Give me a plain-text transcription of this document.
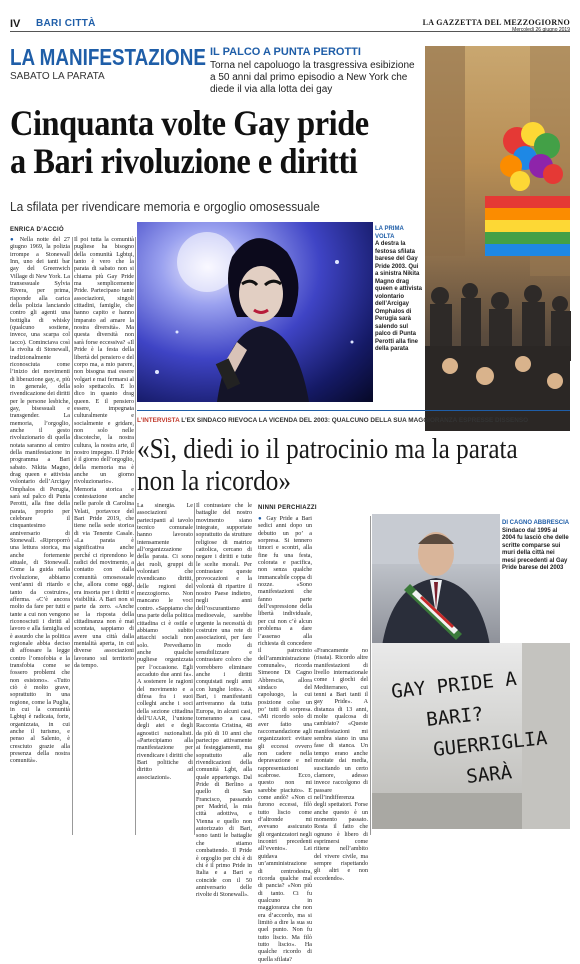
IV BARI CITTÀ	LA GAZZETTA DEL MEZZOGIORNO
Mercoledì 26 giugno 2019
LA MANIFESTAZIONE
SABATO LA PARATA
IL PALCO A PUNTA PEROTTI
Torna nel capoluogo la trasgressiva esibizione a 50 anni dal primo episodio a New York che diede il via alla lotta dei gay
Cinquanta volte Gay pride a Bari rivoluzione e diritti
La sfilata per rivendicare memoria e orgoglio omosessuale
LA PRIMA VOLTA
A destra la festosa sfilata barese del Gay Pride 2003. Qui a sinistra Nikita Magno drag queen e attivista volontario dell’Arcigay Omphalos di Perugia sarà salendo sul palco di Punta Perotti alla fine della parata
ENRICA D’ACCIÒ

● Nella notte del 27 giugno 1969, la polizia irrompe a Stonewall Inn, uno dei tanti bar gay del Greenwich Village di New York. La transessuale Sylvia Rivera, per prima, risponde alla carica della polizia lanciando contro gli agenti una bottiglia di whisky (qualcuno sostiene, invece, una scarpa col tacco). Cominciava così la rivolta di Stonewall, tradizionalmente riconosciuta come l’inizio dei movimenti di liberazione gay, e, più in generale, della rivendicazione dei diritti per le persone lesbiche, gay, bisessuali e transgender. La memoria, l’orgoglio, anche il gesto rivoluzionario di quella notata saranno al centro della manifestazione in programma a Bari sabato. Nikita Magno, drag queen e attivista volontario dell’Arcigay Omphalos di Perugia, sarà sul palco di Punta Perotti, alla fine della parata, proprio per celebrare il cinquantesimo anniversario di Stonewall. «Riproporrò una lettura storica, ma anche fortemente attuale, di Stonewall. Come la guida nella rivoluzione, abbiamo vent’anni di ritardo e tanto da costruire», afferma. «C’è ancora molto da fare per tutti e tante a cui non vengono riconosciuti i diritti al lavoro e alla famiglia ed è assurdo che la politica regionale abbia deciso di affossare la legge contro l’omofobia e la transfobia come se fossero problemi che non esistono». «Tutto ciò è molto grave, soprattutto in una regione, come la Puglia, in cui la comunità Lgbtqi è radicata, forte, organizzata, in cui anche il turismo, e penso al Salento, è cresciuto grazie alla presenza della nostra comunità».

Il poi tutta la comunità pugliese ha bisogno della comunità Lgbtqi, tanto è vero che la parata di sabato non si chiama più Gay Pride ma semplicemente Pride. Partecipano tante associazioni, singoli cittadini, famiglie, che hanno capito e hanno imparato ad amare la nostra diversità». Ma questa diversità non sarà forse eccessiva? «Il Pride è la festa della libertà del pensiero e del corpo ma, a mio parere, non bisogna mai essere volgari e mai fermarsi al solo spettacolo. E lo dico in quanto drag queen. E il pensiero essere, impegnata culturalmente e socialmente e gridare, non solo nelle discoteche, la nostra cultura, la nostra arte, il nostro impegno. Il Pride è il giorno dell’orgoglio, della memoria ma è anche un giorno rivoluzionario». Memoria storica e contestazione anche nelle parole di Carolina Velati, portavoce del Bari Pride 2019, che tiene nella sede storica di via Tenente Casale. «La parata è significativa anche perché ci riprendono le radici del movimento, a contatto con dalla comunità omosessuale che, allora come oggi, era insorta per i diritti e visibilità. A Bari non si parte da zero. «Anche se la risposta della cittadinanza non è mai scontata, sappiamo di avere una città dalla mentalità aperta, in cui diverse associazioni lavorano sul territorio da tempo.

La sinergia. Le associazioni partecipanti al tavolo tecnico comunale hanno lavorato intensamente all’organizzazione della parata. Ci sono dei ruoli, gruppi di volontari che rivendicano diritti, delle regioni del mezzogiorno. Non mancano le voci contro. «Sappiamo che una parte della politica cittadina ci è ostile e abbiamo subito attacchi sociali non solo. Prevediamo anche qualche pugliese organizzata per l’occasione. Egli accaduto due anni fa». A sostenere le ragioni del movimento e a difesa fra i suoi colleghi anche i soci della sezione cittadina dell’UAAR, l’unione degli atei e degli agnostici razionalisti. «Partecipiamo alla manifestazione per rivendicare i diritti che Bari politiche di diritto ad associazioni».

Il contrastare che le battaglie del nostro movimento siano integrate, supportate soprattutto da strutture religiose di matrice cattolica, cercano di negare i diritti e tutte le scelte morali. Per contrastare queste provocazioni e la volontà di ripartire il nostro Paese indietro, negli anni dell’oscurantismo medioevale, sarebbe urgente la necessità di costruire una rete di associazioni, per fare in modo di sensibilizzare e contrastare coloro che vorrebbero eliminare anche i diritti conquistati negli anni con lunghe lotte». A Bari, i manifestanti arriveranno da tutta Europa, in alcuni casi, torneranno a casa. Racconta Cristina, 48 da più di 10 anni che partecipo attivamente ai festeggiamenti, ma soprattutto alle rivendicazioni della comunità Lgbt, alla quale appartengo. Dal Pride di Berlino a quello di San Francisco, passando per Madrid, la mia città adottiva, e Vienna e quello non autorizzato di Bari, sono tanti le battaglie che stiamo combattendo. Il Pride è orgoglio per chi è di chi è il primo Pride in Italia e a Bari e coincide con il 50 anniversario delle rivolte di Stonewall».

L’INTERVISTA L’EX SINDACO RIEVOCA LA VICENDA DEL 2003: QUALCUNO DELLA SUA MAGGIORANZA ESPRESSE DISSENSO
«Sì, diedi io il patrocinio ma la parata non la ricordo»
NINNI PERCHIAZZI

● Gay Pride a Bari sedici anni dopo un debutto un po’ a sorpresa. Si tennero timori e scontri, alla fine fu una festa, colorata e pacifica, non senza qualche immancabile coppa di nozze. «Sono manifestazioni che fanno parte dell’espressione della libertà individuale, per cui non c’è alcun problema a dare l’assenso alla richiesta di concedere il patrocinio dell’amministrazione comunale», ricorda Simeone Di Cagno Abbrescia, allora sindaco del capoluogo, la cui posizione colse un po’ tutti di sorpresa. «Mi ricordo solo di aver fatto una raccomandazione agli organizzatori: evitare gli eccessi ovvero non cadere nella depravazione e nel rappresentazioni scabrose. Ecco, questo non mi sarebbe piaciuto». E come andò? «Non ci furono eccessi, filò tutto liscio come d’altronde mi avevano assicurato gli organizzatori negli incontri precedenti all’evento». Lei guidava un’amministrazione di centrodestra, ricorda qualche mal di pancia? «Non più di tanto. Ci fu qualcuno in maggioranza che non era d’accordo, ma si limitò a dire la sua su quel punto. Non fu tutto liscio. Ma filò tutto liscio». Ha qualche ricordo di quella sfilata?

DI CAGNO ABBRESCIA
Sindaco dal 1995 al 2004 fu lasciò che delle scritte comparse sui muri della città nei mesi precedenti al Gay Pride barese del 2003
GAY PRIDE A
BARI?
GUERRIGLIA
SARÀ
«Francamente no (risata). Ricordo altre manifestazioni di livello internazionale come i giochi del Mediterraneo, cui tenni a Bari tanti il gay Pride». A distanza di 13 anni, molte qualcosa di cambiato? «Queste manifestazioni mi sembra siano in una fase di stanca. Un tempo erano anche montate dai media, suscitando un certo clamore, adesso invece raccolgono di passare nell’indifferenza degli spettatori. Forse anche questo è un momento passato. Resta il fatto che ognuno è libero di esprimersi come ritiene nell’ambito del vivere civile, ma sempre rispettando gli altri e non eccedendo».
